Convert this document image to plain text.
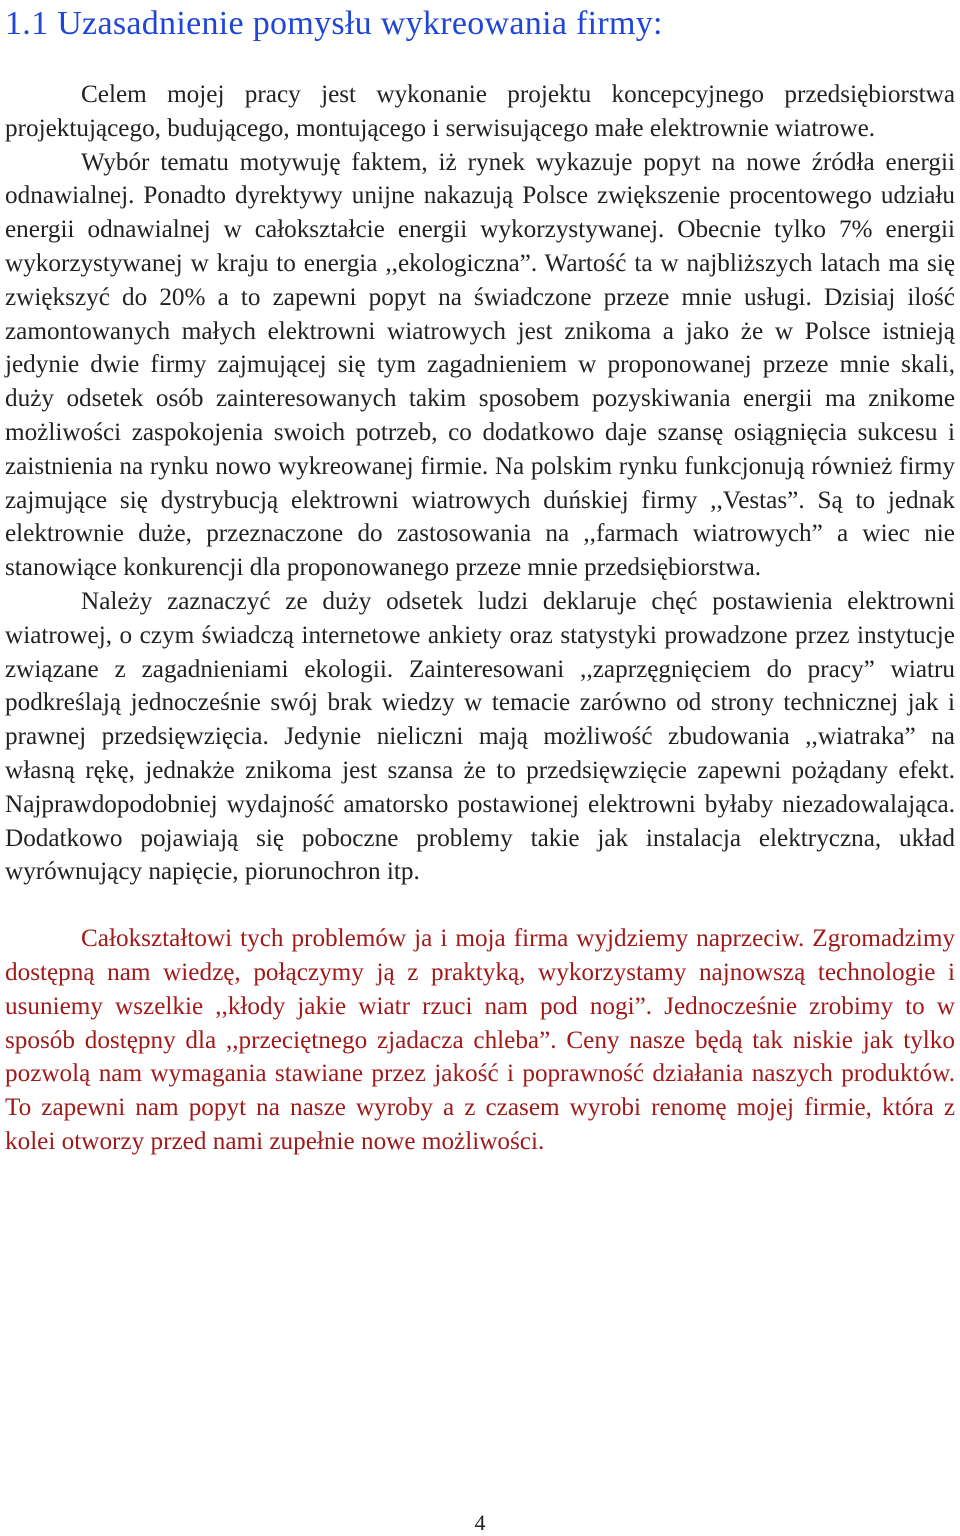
1.1 Uzasadnienie pomysłu wykreowania firmy:

Celem mojej pracy jest wykonanie projektu koncepcyjnego przedsiębiorstwa projektującego, budującego, montującego i serwisującego małe elektrownie wiatrowe.

Wybór tematu motywuję faktem, iż rynek wykazuje popyt na nowe źródła energii odnawialnej. Ponadto dyrektywy unijne nakazują Polsce zwiększenie procentowego udziału energii odnawialnej w całokształcie energii wykorzystywanej. Obecnie tylko 7% energii wykorzystywanej w kraju to energia ,,ekologiczna”. Wartość ta w najbliższych latach ma się zwiększyć do 20% a to zapewni popyt na świadczone przeze mnie usługi. Dzisiaj ilość zamontowanych małych elektrowni wiatrowych jest znikoma a jako że w Polsce istnieją jedynie dwie firmy zajmującej się tym zagadnieniem w proponowanej przeze mnie skali, duży odsetek osób zainteresowanych takim sposobem pozyskiwania energii ma znikome możliwości zaspokojenia swoich potrzeb, co dodatkowo daje szansę osiągnięcia sukcesu i zaistnienia na rynku nowo wykreowanej firmie. Na polskim rynku funkcjonują również firmy zajmujące się dystrybucją elektrowni wiatrowych duńskiej firmy ,,Vestas”. Są to jednak elektrownie duże, przeznaczone do zastosowania na ,,farmach wiatrowych” a wiec nie stanowiące konkurencji dla proponowanego przeze mnie przedsiębiorstwa.

Należy zaznaczyć ze duży odsetek ludzi deklaruje chęć postawienia elektrowni wiatrowej, o czym świadczą internetowe ankiety oraz statystyki prowadzone przez instytucje związane z zagadnieniami ekologii. Zainteresowani ,,zaprzęgnięciem do pracy” wiatru podkreślają jednocześnie swój brak wiedzy w temacie zarówno od strony technicznej jak i prawnej przedsięwzięcia. Jedynie nieliczni mają możliwość zbudowania ,,wiatraka” na własną rękę, jednakże znikoma jest szansa że to przedsięwzięcie zapewni pożądany efekt. Najprawdopodobniej wydajność amatorsko postawionej elektrowni byłaby niezadowalająca. Dodatkowo pojawiają się poboczne problemy takie jak instalacja elektryczna, układ wyrównujący napięcie, piorunochron itp.

Całokształtowi tych problemów ja i moja firma wyjdziemy naprzeciw. Zgromadzimy dostępną nam wiedzę, połączymy ją z praktyką, wykorzystamy najnowszą technologie i usuniemy wszelkie ,,kłody jakie wiatr rzuci nam pod nogi”. Jednocześnie zrobimy to w sposób dostępny dla ,,przeciętnego zjadacza chleba”. Ceny nasze będą tak niskie jak tylko pozwolą nam wymagania stawiane przez jakość i poprawność działania naszych produktów. To zapewni nam popyt na nasze wyroby a z czasem wyrobi renomę mojej firmie, która z kolei otworzy przed nami zupełnie nowe możliwości.

4
